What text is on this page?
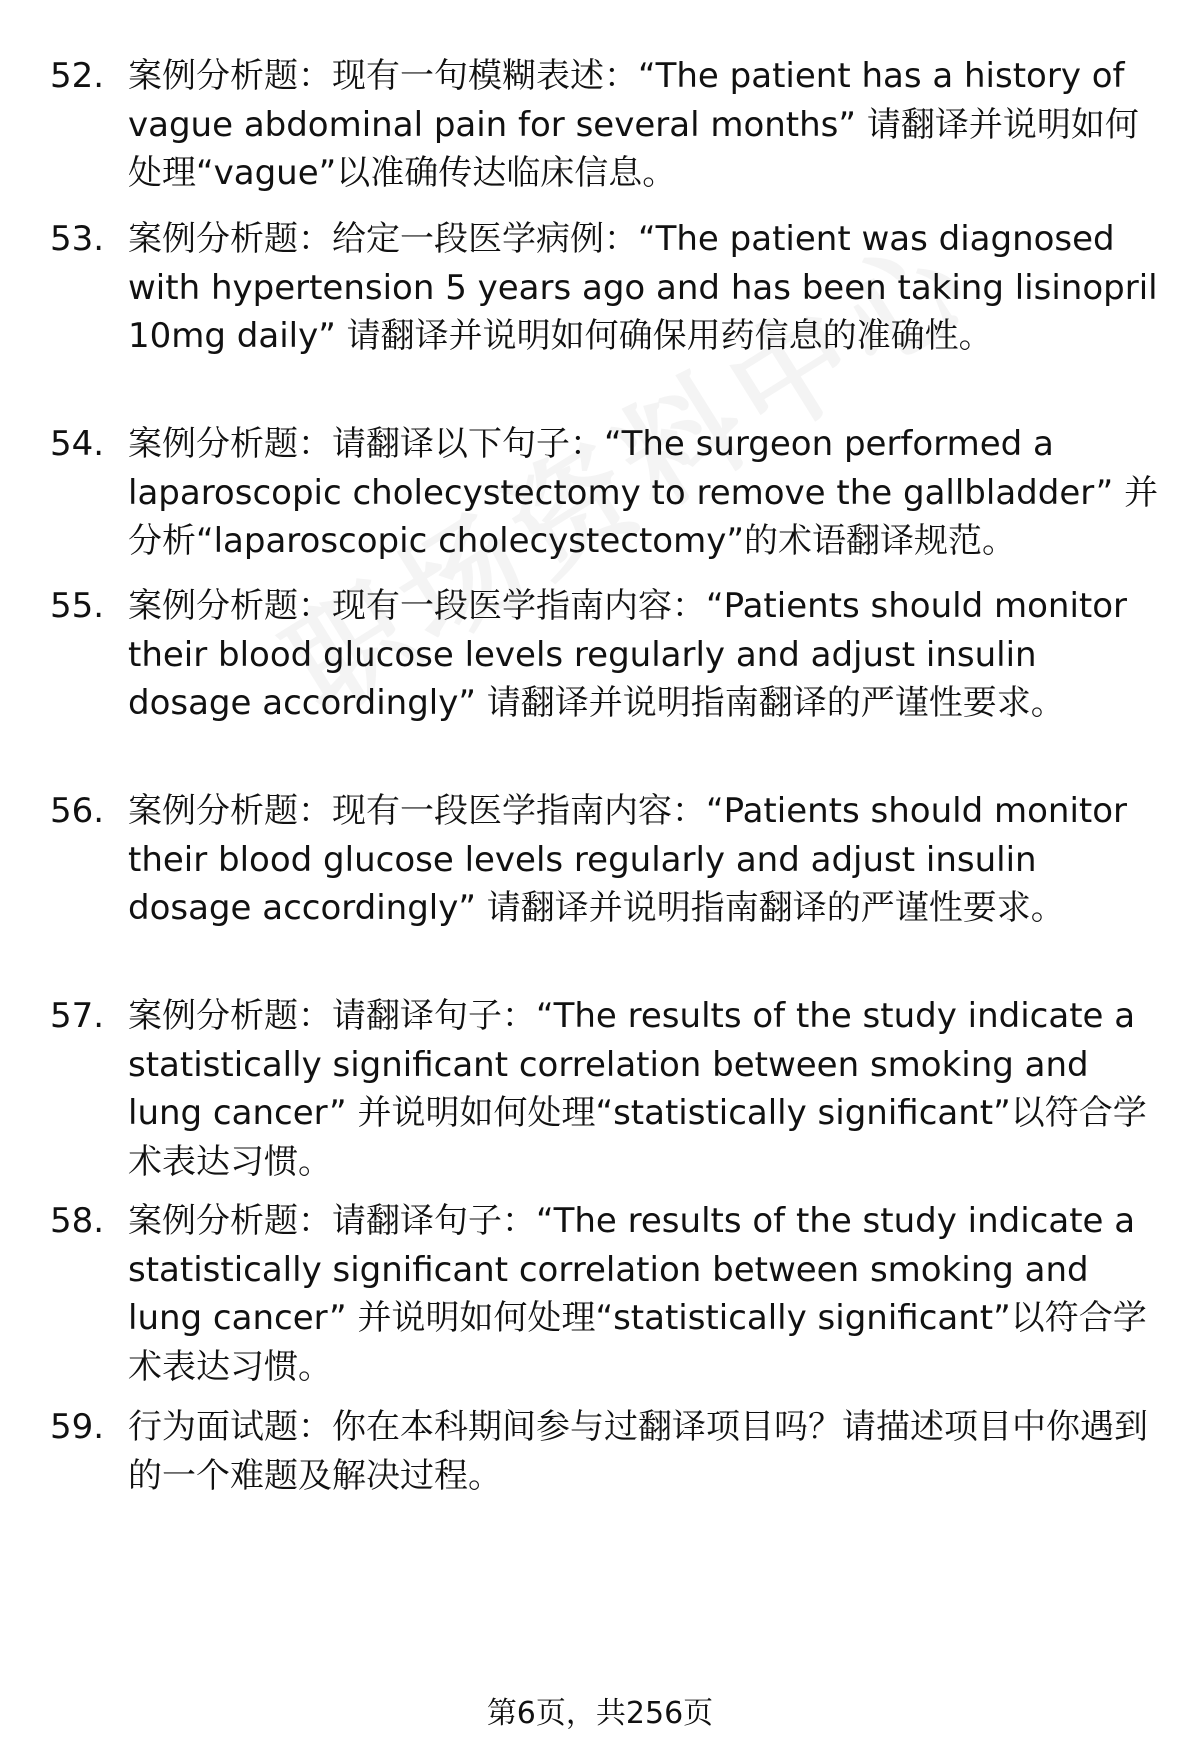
52. 案例分析题：现有一句模糊表述：“The patient has a history of vague abdominal pain for several months” 请翻译并说明如何处理“vague”以准确传达临床信息。
53. 案例分析题：给定一段医学病例：“The patient was diagnosed with hypertension 5 years ago and has been taking lisinopril 10mg daily” 请翻译并说明如何确保用药信息的准确性。
54. 案例分析题：请翻译以下句子：“The surgeon performed a laparoscopic cholecystectomy to remove the gallbladder” 并分析“laparoscopic cholecystectomy”的术语翻译规范。
55. 案例分析题：现有一段医学指南内容：“Patients should monitor their blood glucose levels regularly and adjust insulin dosage accordingly” 请翻译并说明指南翻译的严谨性要求。
56. 案例分析题：现有一段医学指南内容：“Patients should monitor their blood glucose levels regularly and adjust insulin dosage accordingly” 请翻译并说明指南翻译的严谨性要求。
57. 案例分析题：请翻译句子：“The results of the study indicate a statistically significant correlation between smoking and lung cancer” 并说明如何处理“statistically significant”以符合学术表达习惯。
58. 案例分析题：请翻译句子：“The results of the study indicate a statistically significant correlation between smoking and lung cancer” 并说明如何处理“statistically significant”以符合学术表达习惯。
59. 行为面试题：你在本科期间参与过翻译项目吗？请描述项目中你遇到的一个难题及解决过程。
第6页，共256页
